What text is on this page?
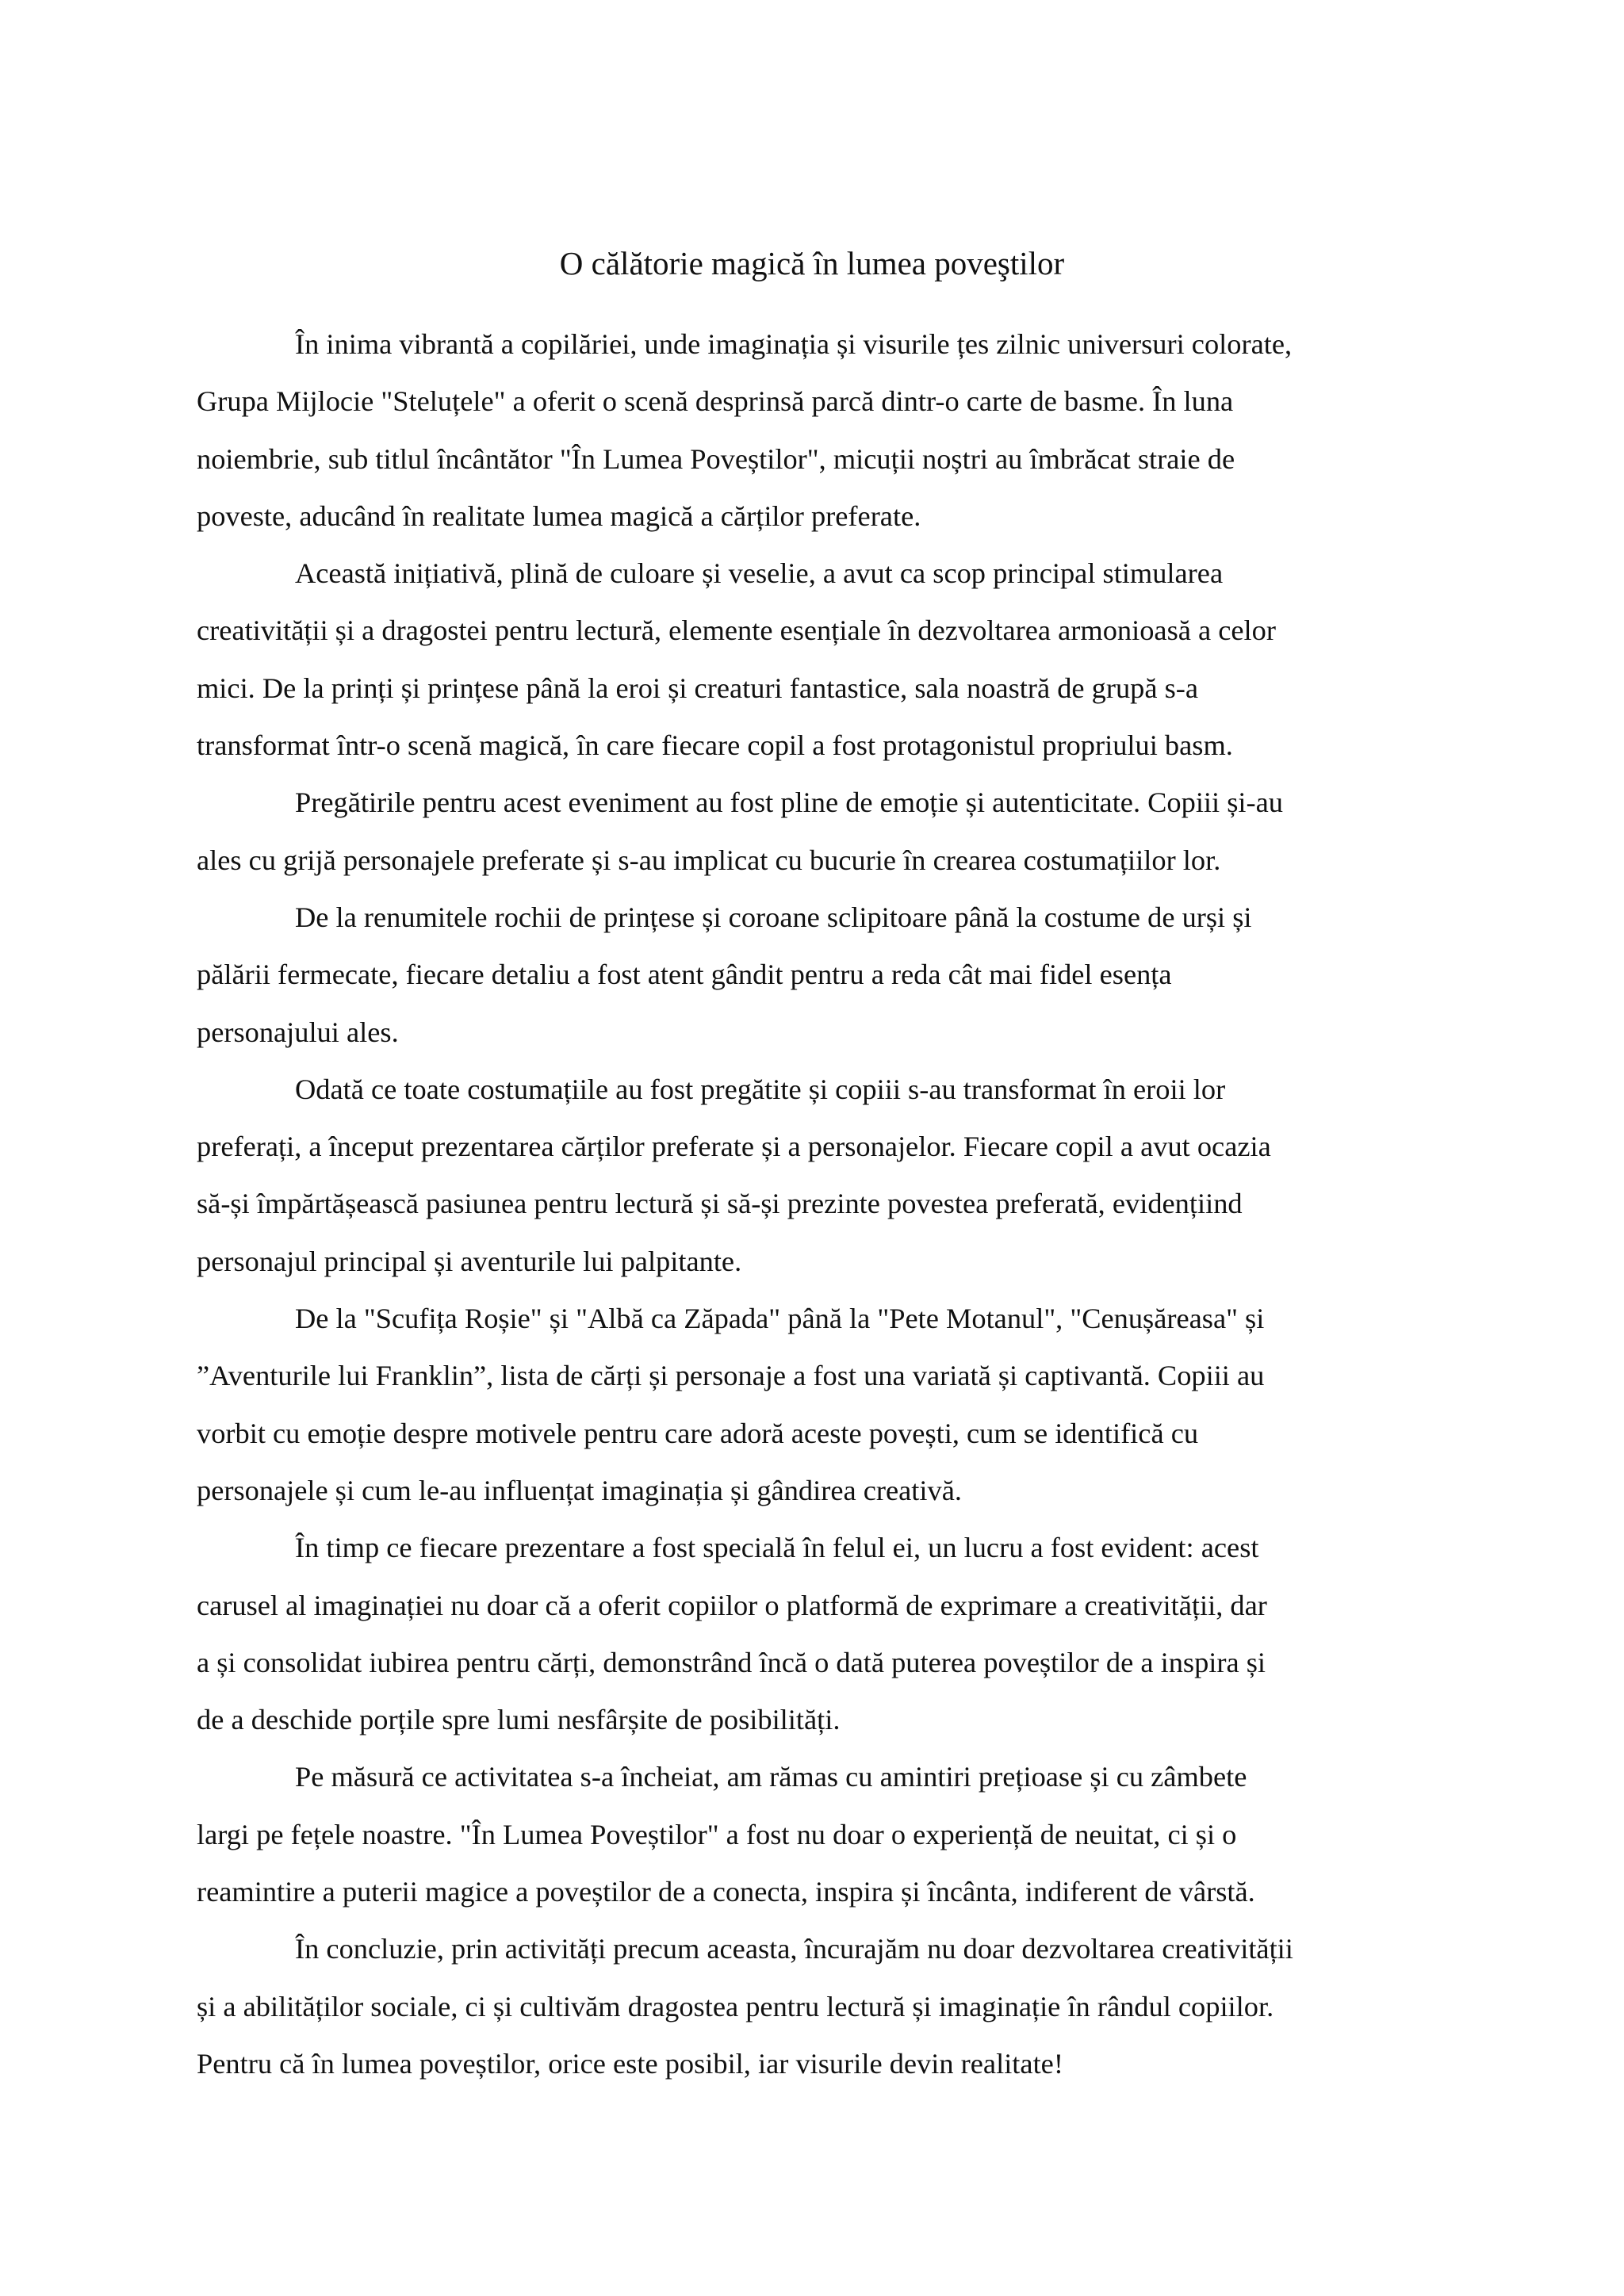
O călătorie magică în lumea poveştilor

În inima vibrantă a copilăriei, unde imaginația și visurile țes zilnic universuri colorate,
Grupa Mijlocie "Steluțele" a oferit o scenă desprinsă parcă dintr-o carte de basme. În luna
noiembrie, sub titlul încântător "În Lumea Poveștilor", micuții noștri au îmbrăcat straie de
poveste, aducând în realitate lumea magică a cărților preferate.

Această inițiativă, plină de culoare și veselie, a avut ca scop principal stimularea
creativității și a dragostei pentru lectură, elemente esențiale în dezvoltarea armonioasă a celor
mici. De la prinți și prințese până la eroi și creaturi fantastice, sala noastră de grupă s-a
transformat într-o scenă magică, în care fiecare copil a fost protagonistul propriului basm.

Pregătirile pentru acest eveniment au fost pline de emoție și autenticitate. Copiii și-au
ales cu grijă personajele preferate și s-au implicat cu bucurie în crearea costumațiilor lor.

De la renumitele rochii de prințese și coroane sclipitoare până la costume de urși și
pălării fermecate, fiecare detaliu a fost atent gândit pentru a reda cât mai fidel esența
personajului ales.

Odată ce toate costumațiile au fost pregătite și copiii s-au transformat în eroii lor
preferați, a început prezentarea cărților preferate și a personajelor. Fiecare copil a avut ocazia
să-și împărtășească pasiunea pentru lectură și să-și prezinte povestea preferată, evidențiind
personajul principal și aventurile lui palpitante.

De la "Scufița Roșie" și "Albă ca Zăpada" până la "Pete Motanul", "Cenușăreasa" și
”Aventurile lui Franklin”, lista de cărți și personaje a fost una variată și captivantă. Copiii au
vorbit cu emoție despre motivele pentru care adoră aceste povești, cum se identifică cu
personajele și cum le-au influențat imaginația și gândirea creativă.

În timp ce fiecare prezentare a fost specială în felul ei, un lucru a fost evident: acest
carusel al imaginației nu doar că a oferit copiilor o platformă de exprimare a creativității, dar
a și consolidat iubirea pentru cărți, demonstrând încă o dată puterea poveștilor de a inspira și
de a deschide porțile spre lumi nesfârșite de posibilități.

Pe măsură ce activitatea s-a încheiat, am rămas cu amintiri prețioase și cu zâmbete
largi pe fețele noastre. "În Lumea Poveștilor" a fost nu doar o experiență de neuitat, ci și o
reamintire a puterii magice a poveștilor de a conecta, inspira și încânta, indiferent de vârstă.

În concluzie, prin activități precum aceasta, încurajăm nu doar dezvoltarea creativității
și a abilităților sociale, ci și cultivăm dragostea pentru lectură și imaginație în rândul copiilor.
Pentru că în lumea poveștilor, orice este posibil, iar visurile devin realitate!
